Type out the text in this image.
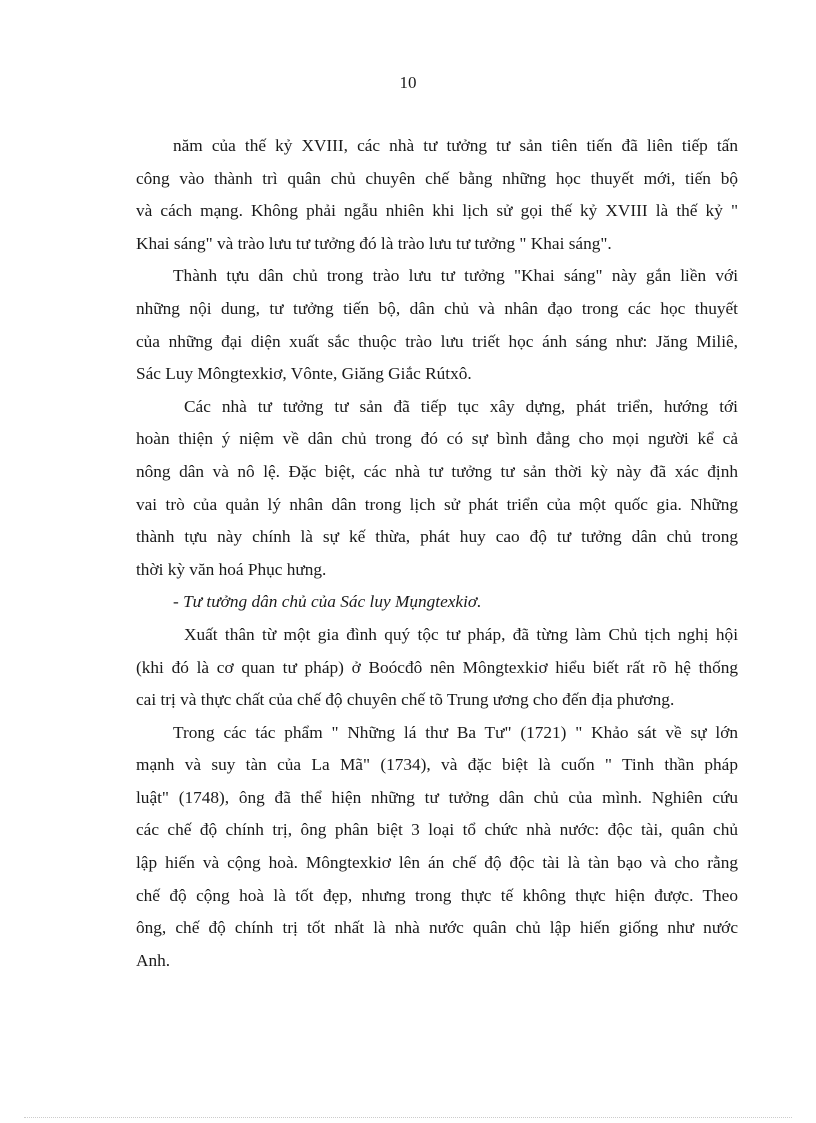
10
năm của thế kỷ XVIII, các nhà tư tưởng tư sản tiên tiến đã liên tiếp tấn
công vào thành trì quân chủ chuyên chế bằng những học thuyết mới, tiến bộ
và cách mạng. Không phải ngẫu nhiên khi lịch sử gọi thế kỷ XVIII là thế kỷ "
Khai sáng" và trào lưu tư tưởng đó là trào lưu tư tưởng " Khai sáng".
Thành tựu dân chủ trong trào lưu tư tưởng "Khai sáng" này gắn liền với
những nội dung, tư tưởng tiến bộ, dân chủ và nhân đạo trong các học thuyết
của những đại diện xuất sắc thuộc trào lưu triết học ánh sáng như: Jăng Miliê,
Sác Luy Môngtexkiơ, Vônte, Giăng Giắc Rútxô.
Các nhà tư tưởng tư sản đã tiếp tục xây dựng, phát triển, hướng tới
hoàn thiện ý niệm về dân chủ trong đó có sự bình đẳng cho mọi người kể cả
nông dân và nô lệ. Đặc biệt, các nhà tư tưởng tư sản thời kỳ này đã xác định
vai trò của quản lý nhân dân trong lịch sử phát triển của một quốc gia. Những
thành tựu này chính là sự kế thừa, phát huy cao độ tư tưởng dân chủ trong
thời kỳ văn hoá Phục hưng.
- Tư tưởng dân chủ của Sác luy Mụngtexkiơ.
Xuất thân từ một gia đình quý tộc tư pháp, đã từng làm Chủ tịch nghị hội
(khi đó là cơ quan tư pháp) ở Boócđô nên Môngtexkiơ hiểu biết rất rõ hệ thống
cai trị và thực chất của chế độ chuyên chế tõ Trung ương cho đến địa phương.
Trong các tác phẩm " Những lá thư Ba Tư" (1721) " Khảo sát về sự lớn
mạnh và suy tàn của La Mã" (1734), và đặc biệt là cuốn " Tinh thần pháp
luật" (1748), ông đã thể hiện những tư tưởng dân chủ của mình. Nghiên cứu
các chế độ chính trị, ông phân biệt 3 loại tổ chức nhà nước: độc tài, quân chủ
lập hiến và cộng hoà. Môngtexkiơ lên án chế độ độc tài là tàn bạo và cho rằng
chế độ cộng hoà là tốt đẹp, nhưng trong thực tế không thực hiện được. Theo
ông, chế độ chính trị tốt nhất là nhà nước quân chủ lập hiến giống như nước
Anh.
